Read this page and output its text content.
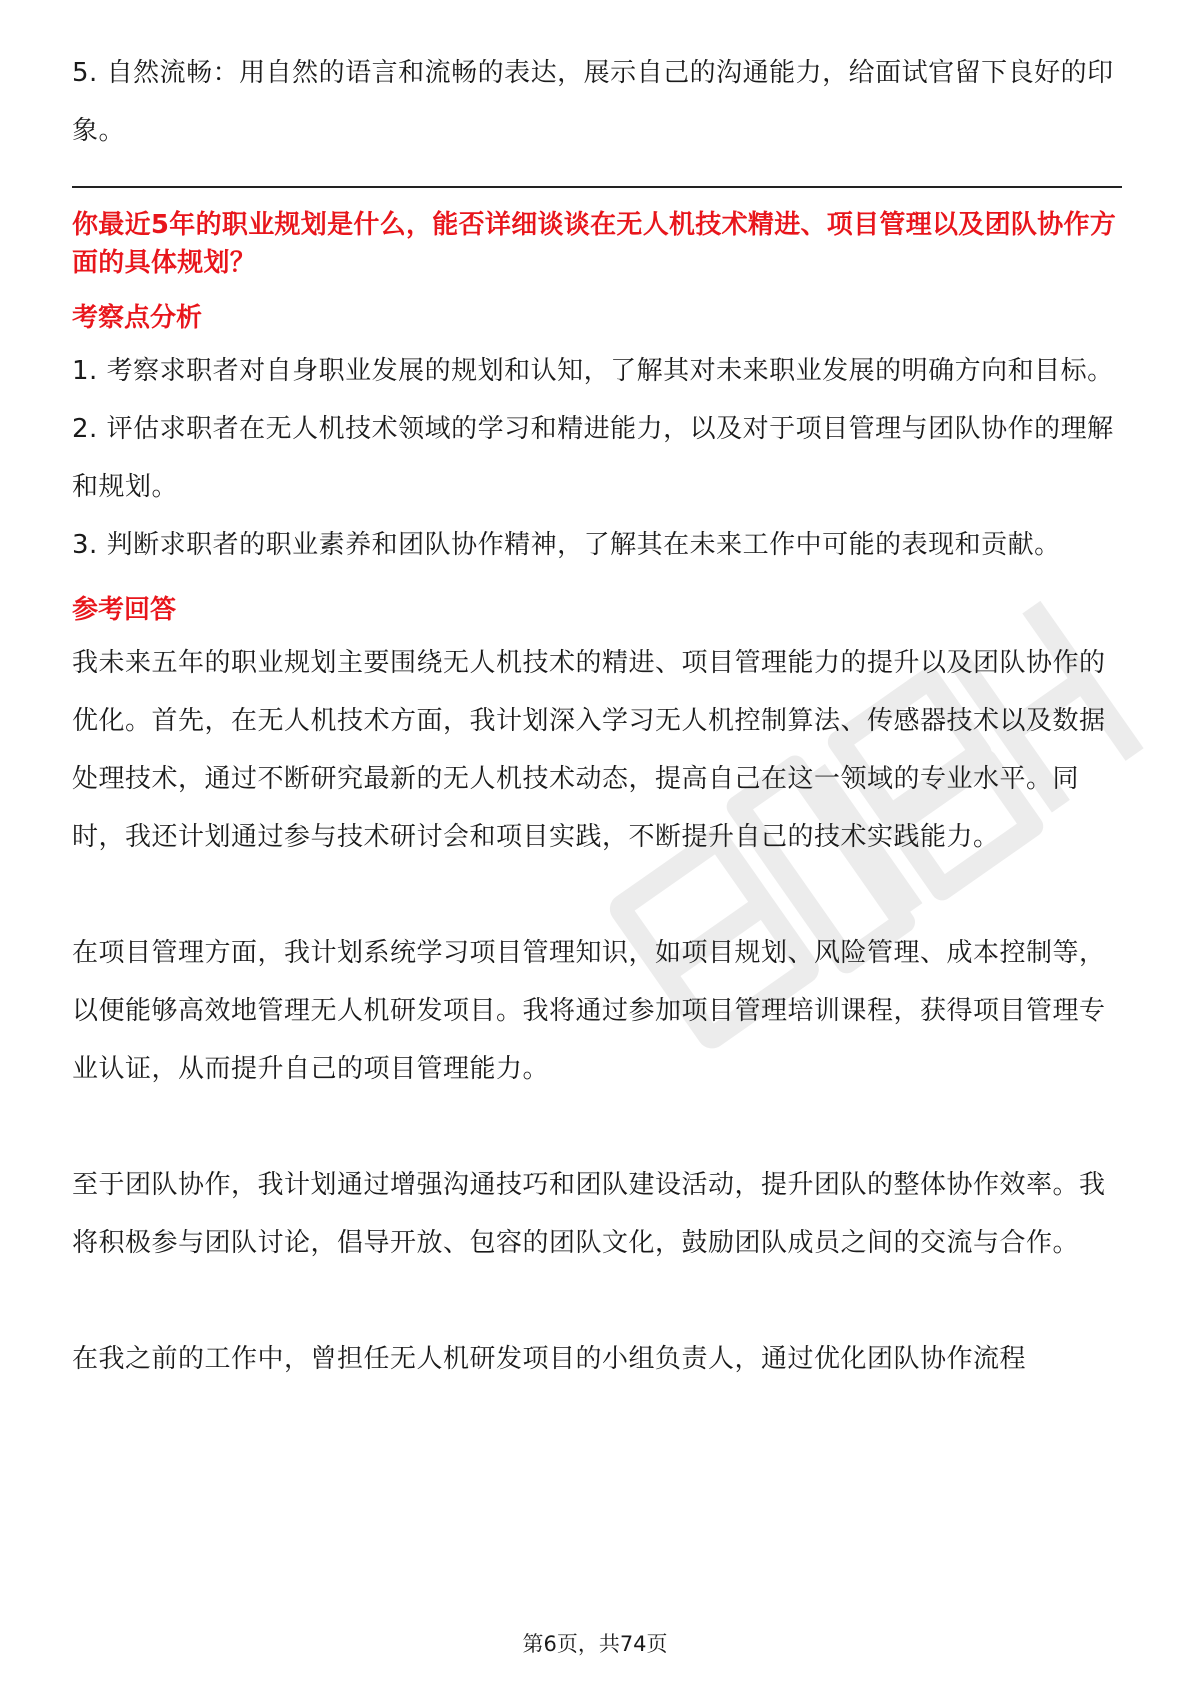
5. 自然流畅：用自然的语言和流畅的表达，展示自己的沟通能力，给面试官留下良好的印象。

你最近5年的职业规划是什么，能否详细谈谈在无人机技术精进、项目管理以及团队协作方面的具体规划？

考察点分析

1. 考察求职者对自身职业发展的规划和认知，了解其对未来职业发展的明确方向和目标。

2. 评估求职者在无人机技术领域的学习和精进能力，以及对于项目管理与团队协作的理解和规划。

3. 判断求职者的职业素养和团队协作精神，了解其在未来工作中可能的表现和贡献。

参考回答

我未来五年的职业规划主要围绕无人机技术的精进、项目管理能力的提升以及团队协作的优化。首先，在无人机技术方面，我计划深入学习无人机控制算法、传感器技术以及数据处理技术，通过不断研究最新的无人机技术动态，提高自己在这一领域的专业水平。同时，我还计划通过参与技术研讨会和项目实践，不断提升自己的技术实践能力。

在项目管理方面，我计划系统学习项目管理知识，如项目规划、风险管理、成本控制等，以便能够高效地管理无人机研发项目。我将通过参加项目管理培训课程，获得项目管理专业认证，从而提升自己的项目管理能力。

至于团队协作，我计划通过增强沟通技巧和团队建设活动，提升团队的整体协作效率。我将积极参与团队讨论，倡导开放、包容的团队文化，鼓励团队成员之间的交流与合作。

在我之前的工作中，曾担任无人机研发项目的小组负责人，通过优化团队协作流程

第6页，共74页
